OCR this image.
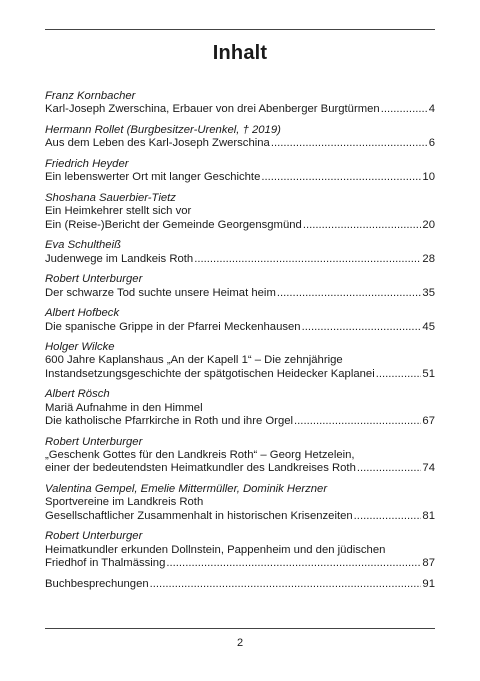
Inhalt
Franz Kornbacher
Karl-Joseph Zwerschina, Erbauer von drei Abenberger Burgtürmen .....	4
Hermann Rollet (Burgbesitzer-Urenkel, † 2019)
Aus dem Leben des Karl-Joseph Zwerschina .....	6
Friedrich Heyder
Ein lebenswerter Ort mit langer Geschichte .....	10
Shoshana Sauerbier-Tietz
Ein Heimkehrer stellt sich vor
Ein (Reise-)Bericht der Gemeinde Georgensgmünd .....	20
Eva Schultheiß
Judenwege im Landkeis Roth .....	28
Robert Unterburger
Der schwarze Tod suchte unsere Heimat heim .....	35
Albert Hofbeck
Die spanische Grippe in der Pfarrei Meckenhausen .....	45
Holger Wilcke
600 Jahre Kaplanshaus „An der Kapell 1“ – Die zehnjährige
Instandsetzungsgeschichte der spätgotischen Heidecker Kaplanei .....	51
Albert Rösch
Mariä Aufnahme in den Himmel
Die katholische Pfarrkirche in Roth und ihre Orgel .....	67
Robert Unterburger
„Geschenk Gottes für den Landkreis Roth“ – Georg Hetzelein,
einer der bedeutendsten Heimatkundler des Landkreises Roth .....	74
Valentina Gempel, Emelie Mittermüller, Dominik Herzner
Sportvereine im Landkreis Roth
Gesellschaftlicher Zusammenhalt in historischen Krisenzeiten .....	81
Robert Unterburger
Heimatkundler erkunden Dollnstein, Pappenheim und den jüdischen
Friedhof in Thalmässing .....	87
Buchbesprechungen .....	91
2
